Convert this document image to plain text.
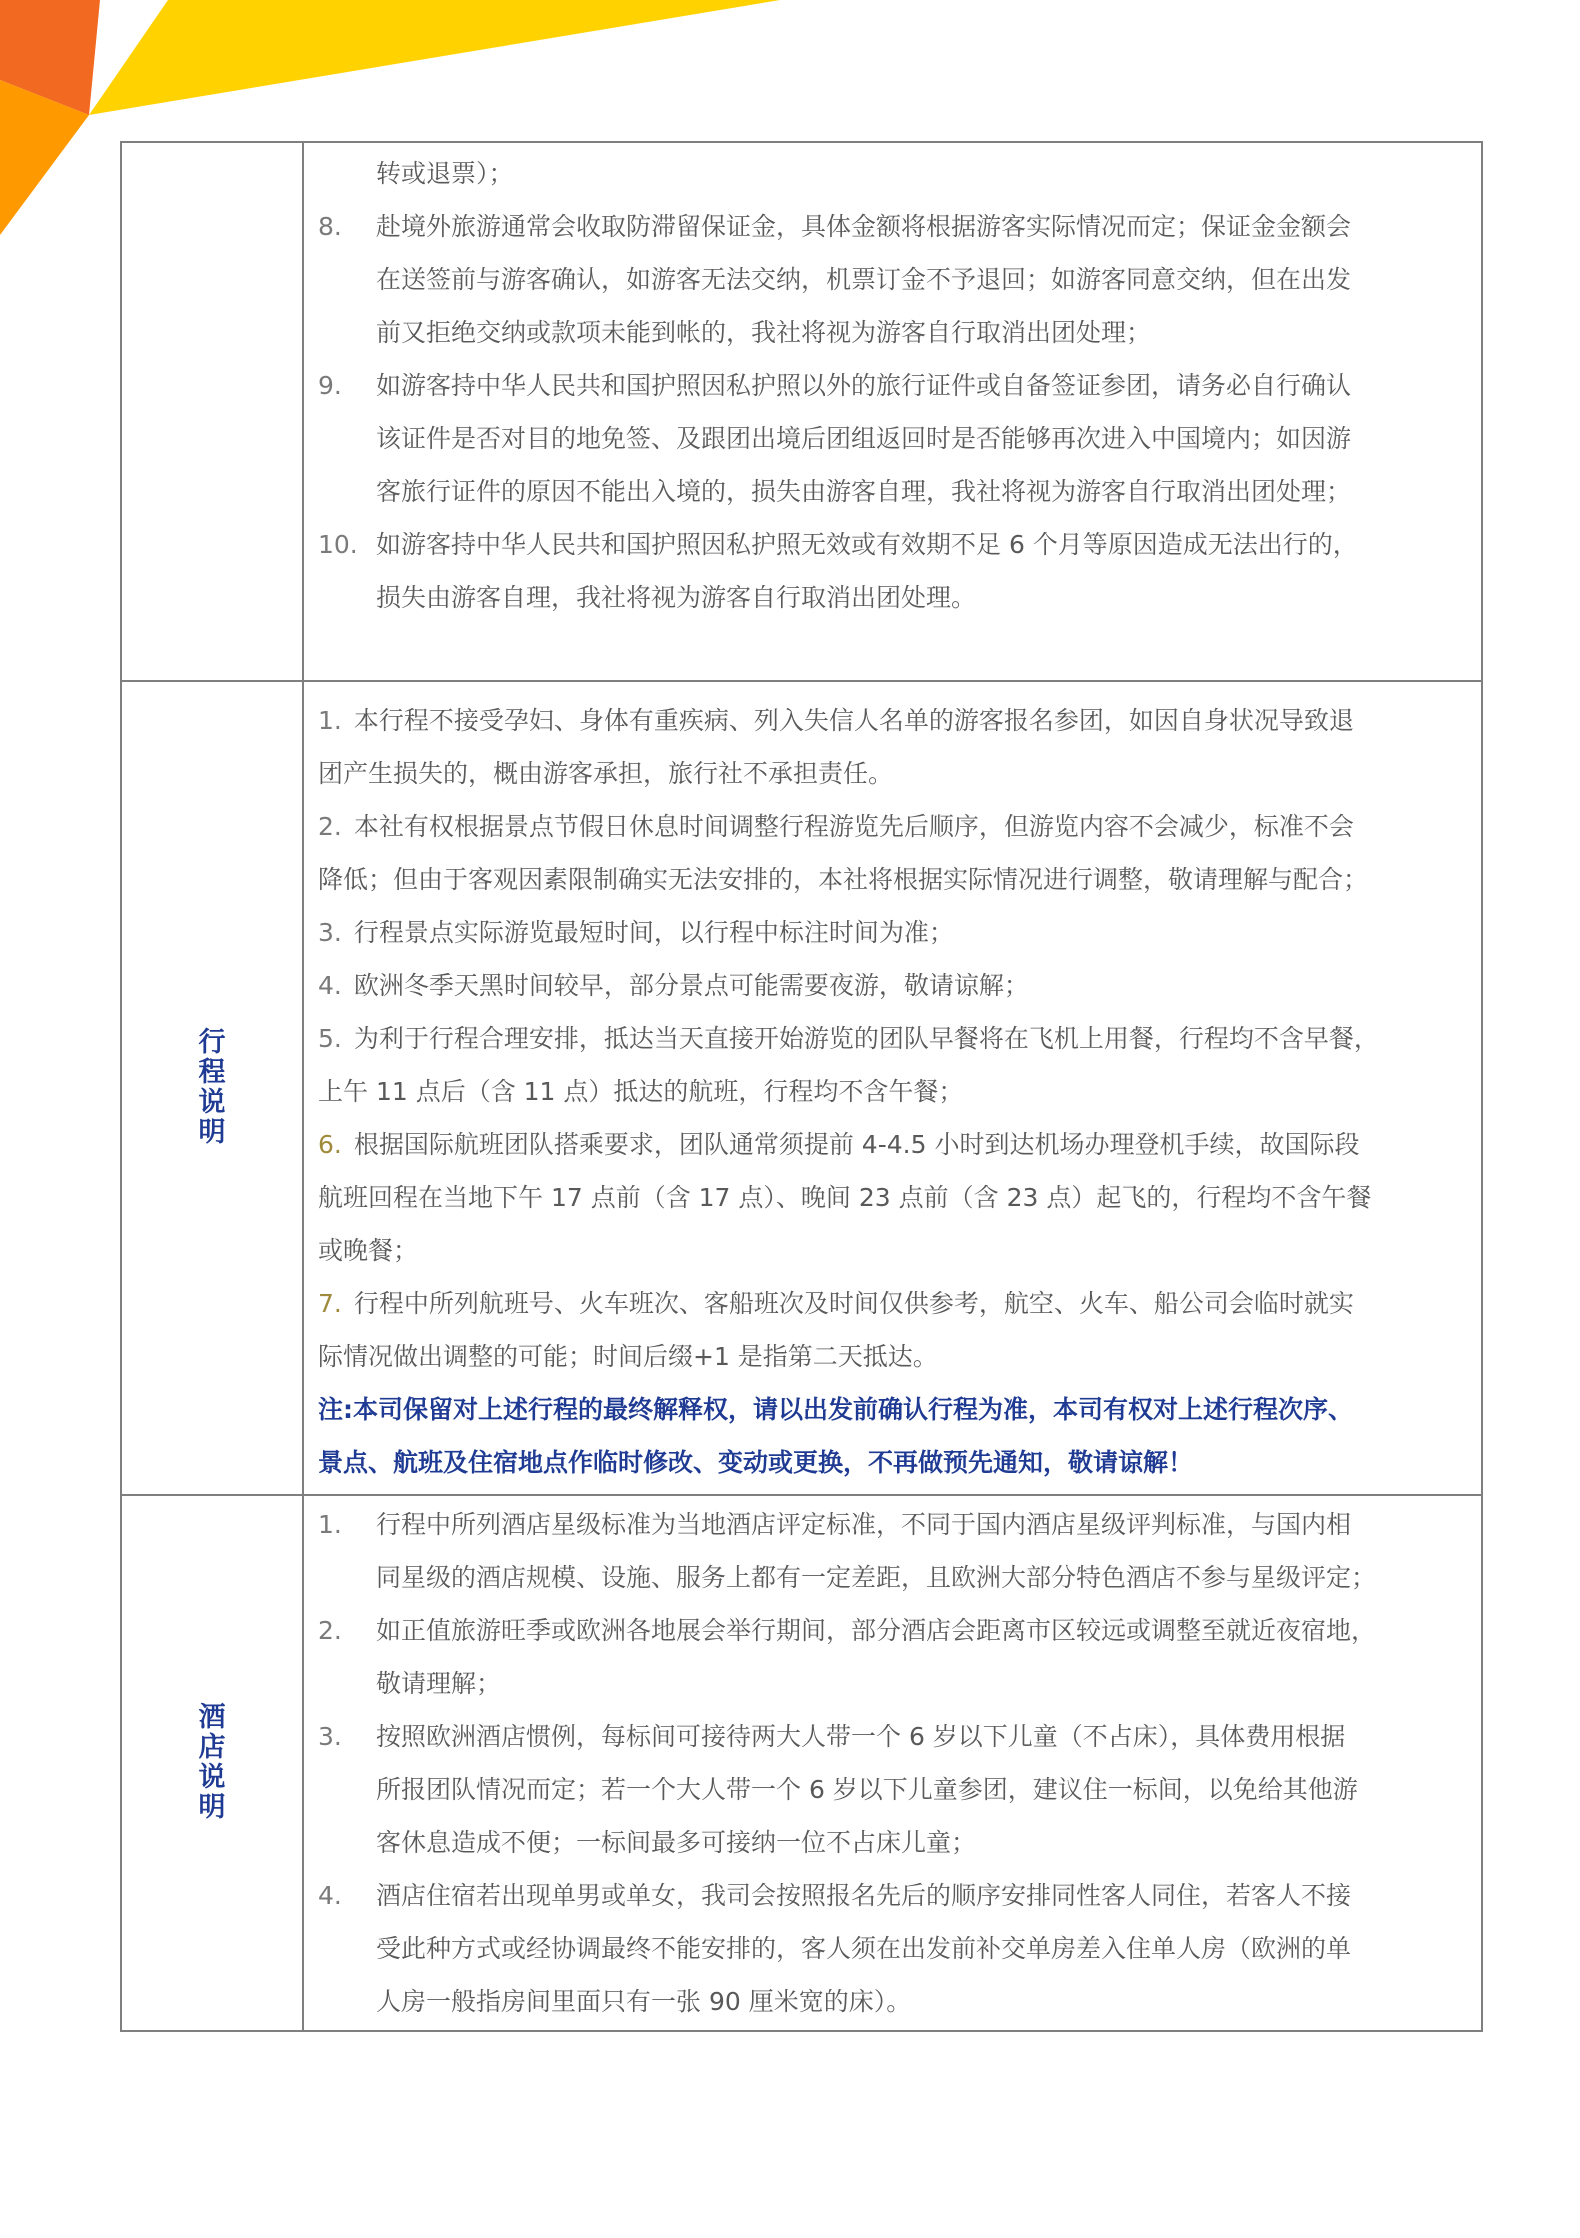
转或退票）；
8.	赴境外旅游通常会收取防滞留保证金，具体金额将根据游客实际情况而定；保证金金额会
在送签前与游客确认，如游客无法交纳，机票订金不予退回；如游客同意交纳，但在出发
前又拒绝交纳或款项未能到帐的，我社将视为游客自行取消出团处理；
9.	如游客持中华人民共和国护照因私护照以外的旅行证件或自备签证参团，请务必自行确认
该证件是否对目的地免签、及跟团出境后团组返回时是否能够再次进入中国境内；如因游
客旅行证件的原因不能出入境的，损失由游客自理，我社将视为游客自行取消出团处理；
10. 如游客持中华人民共和国护照因私护照无效或有效期不足 6 个月等原因造成无法出行的，
损失由游客自理，我社将视为游客自行取消出团处理。

行程说明	
1. 本行程不接受孕妇、身体有重疾病、列入失信人名单的游客报名参团，如因自身状况导致退
团产生损失的，概由游客承担，旅行社不承担责任。
2. 本社有权根据景点节假日休息时间调整行程游览先后顺序，但游览内容不会减少，标准不会
降低；但由于客观因素限制确实无法安排的，本社将根据实际情况进行调整，敬请理解与配合；
3. 行程景点实际游览最短时间，以行程中标注时间为准；
4. 欧洲冬季天黑时间较早，部分景点可能需要夜游，敬请谅解；
5. 为利于行程合理安排，抵达当天直接开始游览的团队早餐将在飞机上用餐，行程均不含早餐，
上午 11 点后（含 11 点）抵达的航班，行程均不含午餐；
6. 根据国际航班团队搭乘要求，团队通常须提前 4-4.5 小时到达机场办理登机手续，故国际段
航班回程在当地下午 17 点前（含 17 点）、晚间 23 点前（含 23 点）起飞的，行程均不含午餐
或晚餐；
7. 行程中所列航班号、火车班次、客船班次及时间仅供参考，航空、火车、船公司会临时就实
际情况做出调整的可能；时间后缀+1 是指第二天抵达。
注:本司保留对上述行程的最终解释权，请以出发前确认行程为准，本司有权对上述行程次序、
景点、航班及住宿地点作临时修改、变动或更换，不再做预先通知，敬请谅解！

酒店说明	
1.	行程中所列酒店星级标准为当地酒店评定标准，不同于国内酒店星级评判标准，与国内相
同星级的酒店规模、设施、服务上都有一定差距，且欧洲大部分特色酒店不参与星级评定；
2.	如正值旅游旺季或欧洲各地展会举行期间，部分酒店会距离市区较远或调整至就近夜宿地，
敬请理解；
3.	按照欧洲酒店惯例，每标间可接待两大人带一个 6 岁以下儿童（不占床），具体费用根据
所报团队情况而定；若一个大人带一个 6 岁以下儿童参团，建议住一标间，以免给其他游
客休息造成不便；一标间最多可接纳一位不占床儿童；
4.	酒店住宿若出现单男或单女，我司会按照报名先后的顺序安排同性客人同住，若客人不接
受此种方式或经协调最终不能安排的，客人须在出发前补交单房差入住单人房（欧洲的单
人房一般指房间里面只有一张 90 厘米宽的床）。
